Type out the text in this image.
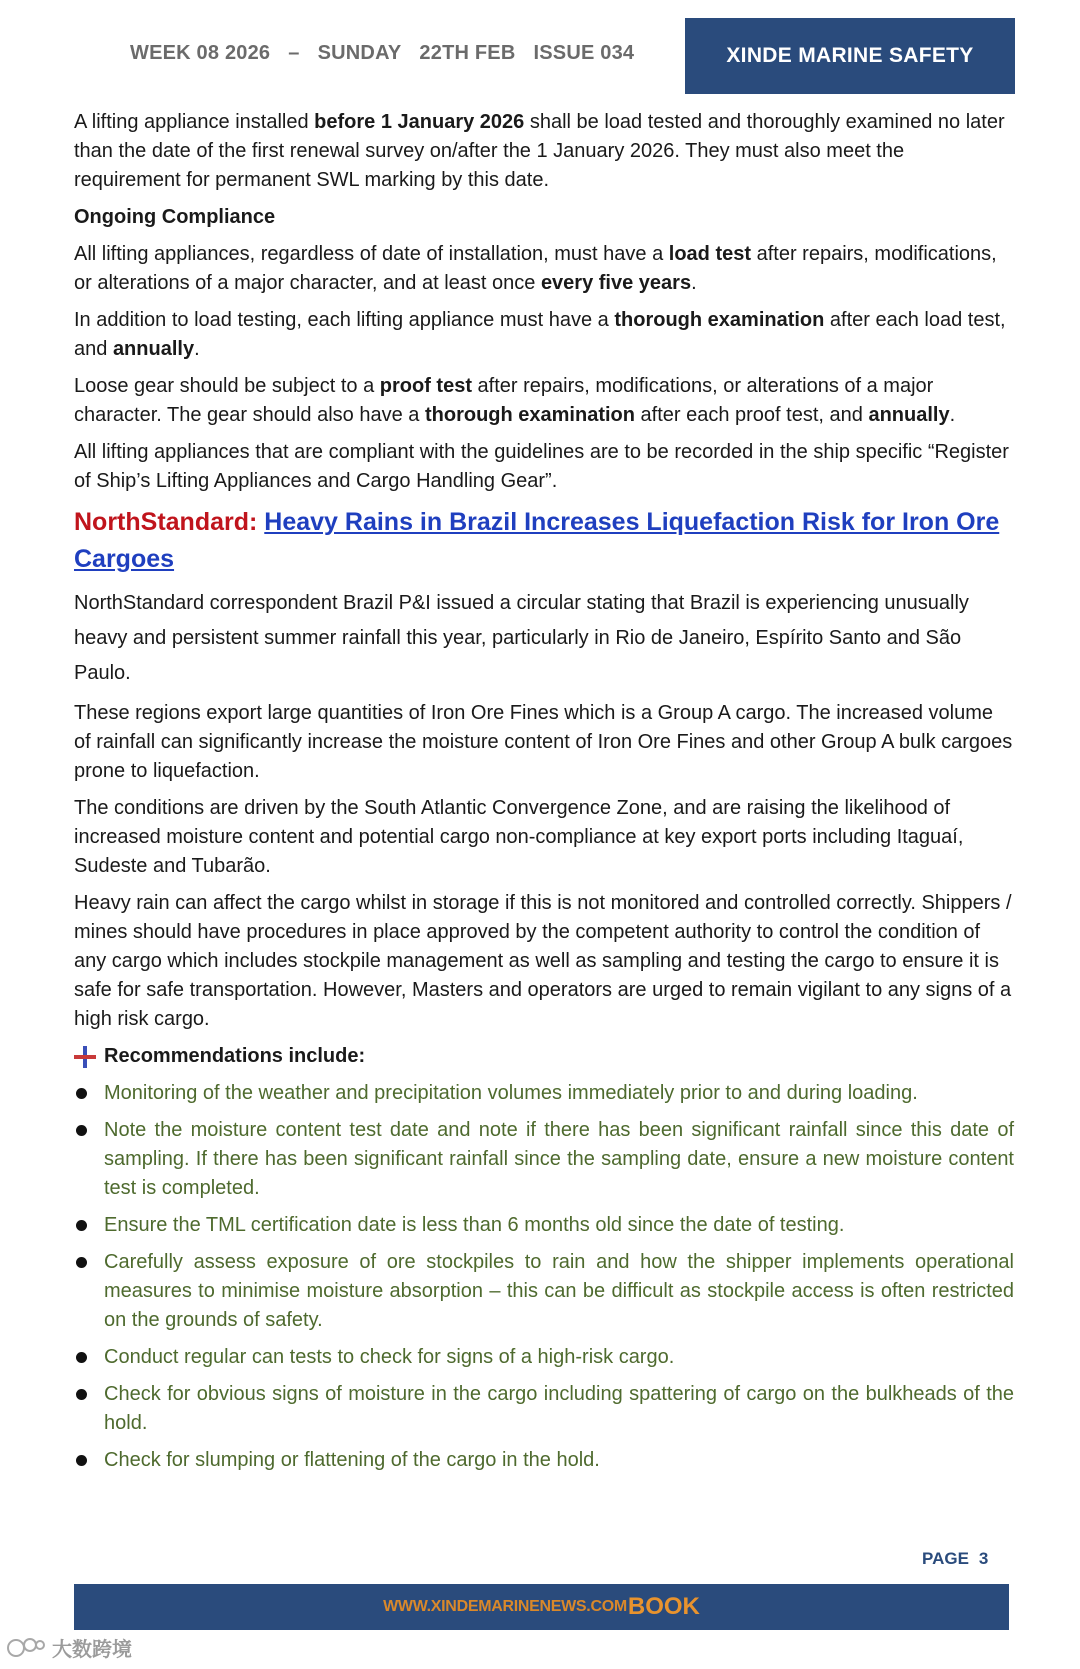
WEEK 08 2026 – SUNDAY 22TH FEB ISSUE 034	XINDE MARINE SAFETY

A lifting appliance installed before 1 January 2026 shall be load tested and thoroughly examined no later than the date of the first renewal survey on/after the 1 January 2026. They must also meet the requirement for permanent SWL marking by this date.

Ongoing Compliance

All lifting appliances, regardless of date of installation, must have a load test after repairs, modifications, or alterations of a major character, and at least once every five years.

In addition to load testing, each lifting appliance must have a thorough examination after each load test, and annually.

Loose gear should be subject to a proof test after repairs, modifications, or alterations of a major character. The gear should also have a thorough examination after each proof test, and annually.

All lifting appliances that are compliant with the guidelines are to be recorded in the ship specific “Register of Ship’s Lifting Appliances and Cargo Handling Gear”.

NorthStandard: Heavy Rains in Brazil Increases Liquefaction Risk for Iron Ore Cargoes

NorthStandard correspondent Brazil P&I issued a circular stating that Brazil is experiencing unusually heavy and persistent summer rainfall this year, particularly in Rio de Janeiro, Espírito Santo and São Paulo.

These regions export large quantities of Iron Ore Fines which is a Group A cargo. The increased volume of rainfall can significantly increase the moisture content of Iron Ore Fines and other Group A bulk cargoes prone to liquefaction.

The conditions are driven by the South Atlantic Convergence Zone, and are raising the likelihood of increased moisture content and potential cargo non-compliance at key export ports including Itaguaí, Sudeste and Tubarão.

Heavy rain can affect the cargo whilst in storage if this is not monitored and controlled correctly. Shippers / mines should have procedures in place approved by the competent authority to control the condition of any cargo which includes stockpile management as well as sampling and testing the cargo to ensure it is safe for safe transportation. However, Masters and operators are urged to remain vigilant to any signs of a high risk cargo.

Recommendations include:
Monitoring of the weather and precipitation volumes immediately prior to and during loading.
Note the moisture content test date and note if there has been significant rainfall since this date of sampling. If there has been significant rainfall since the sampling date, ensure a new moisture content test is completed.
Ensure the TML certification date is less than 6 months old since the date of testing.
Carefully assess exposure of ore stockpiles to rain and how the shipper implements operational measures to minimise moisture absorption – this can be difficult as stockpile access is often restricted on the grounds of safety.
Conduct regular can tests to check for signs of a high-risk cargo.
Check for obvious signs of moisture in the cargo including spattering of cargo on the bulkheads of the hold.
Check for slumping or flattening of the cargo in the hold.
PAGE 3
WWW.XINDEMARINENEWS.COM BOOK
大数跨境
